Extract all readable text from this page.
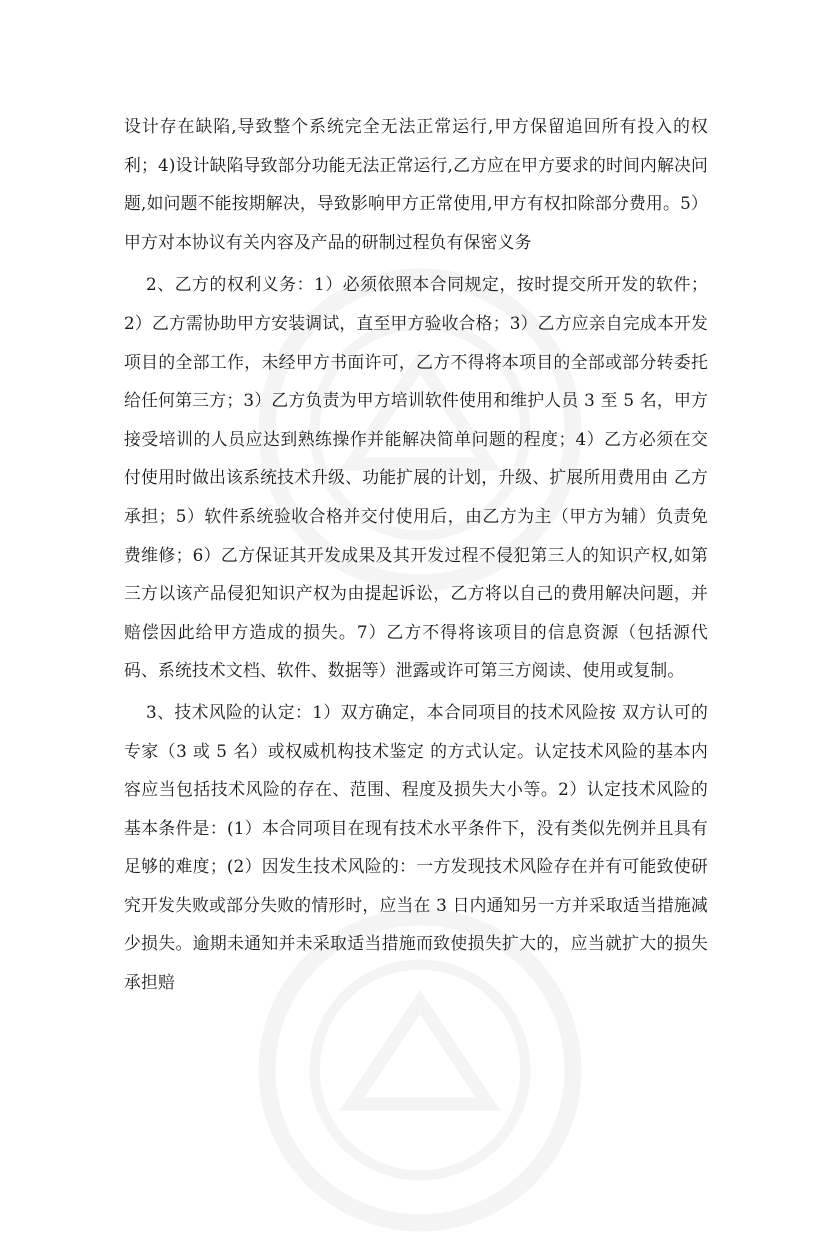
设计存在缺陷,导致整个系统完全无法正常运行,甲方保留追回所有投入的权利；4)设计缺陷导致部分功能无法正常运行,乙方应在甲方要求的时间内解决问题,如问题不能按期解决，导致影响甲方正常使用,甲方有权扣除部分费用。5）甲方对本协议有关内容及产品的研制过程负有保密义务

2、乙方的权利义务：1）必须依照本合同规定，按时提交所开发的软件；2）乙方需协助甲方安装调试，直至甲方验收合格；3）乙方应亲自完成本开发项目的全部工作，未经甲方书面许可，乙方不得将本项目的全部或部分转委托给任何第三方；3）乙方负责为甲方培训软件使用和维护人员 3 至 5 名，甲方接受培训的人员应达到熟练操作并能解决简单问题的程度；4）乙方必须在交付使用时做出该系统技术升级、功能扩展的计划，升级、扩展所用费用由 乙方 承担；5）软件系统验收合格并交付使用后，由乙方为主（甲方为辅）负责免费维修；6）乙方保证其开发成果及其开发过程不侵犯第三人的知识产权,如第三方以该产品侵犯知识产权为由提起诉讼，乙方将以自己的费用解决问题，并赔偿因此给甲方造成的损失。7）乙方不得将该项目的信息资源（包括源代码、系统技术文档、软件、数据等）泄露或许可第三方阅读、使用或复制。

3、技术风险的认定：1）双方确定，本合同项目的技术风险按 双方认可的专家（3 或 5 名）或权威机构技术鉴定 的方式认定。认定技术风险的基本内容应当包括技术风险的存在、范围、程度及损失大小等。2）认定技术风险的基本条件是：(1）本合同项目在现有技术水平条件下，没有类似先例并且具有足够的难度；(2）因发生技术风险的：一方发现技术风险存在并有可能致使研究开发失败或部分失败的情形时，应当在 3 日内通知另一方并采取适当措施减少损失。逾期未通知并未采取适当措施而致使损失扩大的，应当就扩大的损失承担赔
